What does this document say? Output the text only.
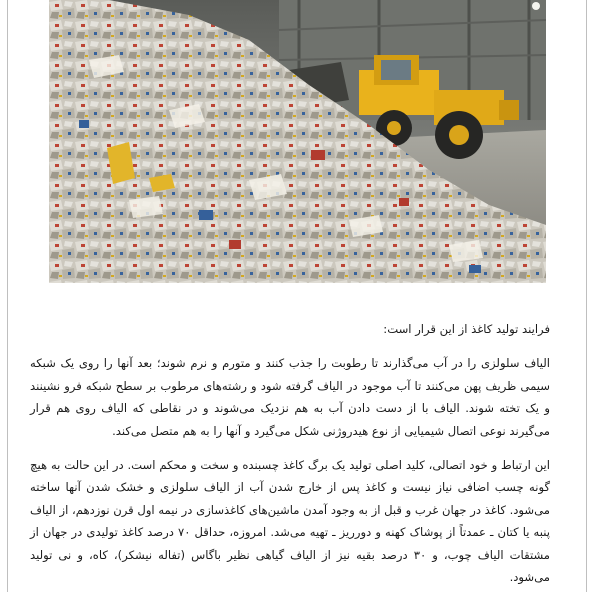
فرایند تولید کاغذ از این قرار است:

الیاف سلولزی را در آب می‌گذارند تا رطوبت را جذب کنند و متورم و نرم شوند؛ بعد آنها را روی یک شبکه سیمی ظریف پهن می‌کنند تا آب موجود در الیاف گرفته شود و رشته‌های مرطوب بر سطح شبکه فرو نشینند و یک تخته شوند. الیاف با از دست دادن آب به هم نزدیک می‌شوند و در نقاطی که الیاف روی هم قرار می‌گیرند نوعی اتصال شیمیایی از نوع هیدروژنی شکل می‌گیرد و آنها را به هم متصل می‌کند.

این ارتباط و خود اتصالی، کلید اصلی تولید یک برگ کاغذ چسبنده و سخت و محکم است. در این حالت به هیچ گونه چسب اضافی نیاز نیست و کاغذ پس از خارج شدن آب از الیاف سلولزی و خشک شدن آنها ساخته می‌شود. کاغذ در جهان غرب و قبل از به وجود آمدن ماشین‌های کاغذسازی در نیمه اول قرن نوزدهم، از الیاف پنبه یا کتان ـ عمدتاً از پوشاک کهنه و دورریز ـ تهیه می‌شد. امروزه، حداقل ۷۰ درصد کاغذ تولیدی در جهان از مشتقات الیاف چوب، و ۳۰ درصد بقیه نیز از الیاف گیاهی نظیر باگاس (تفاله نیشکر)، کاه، و نی تولید می‌شود.
